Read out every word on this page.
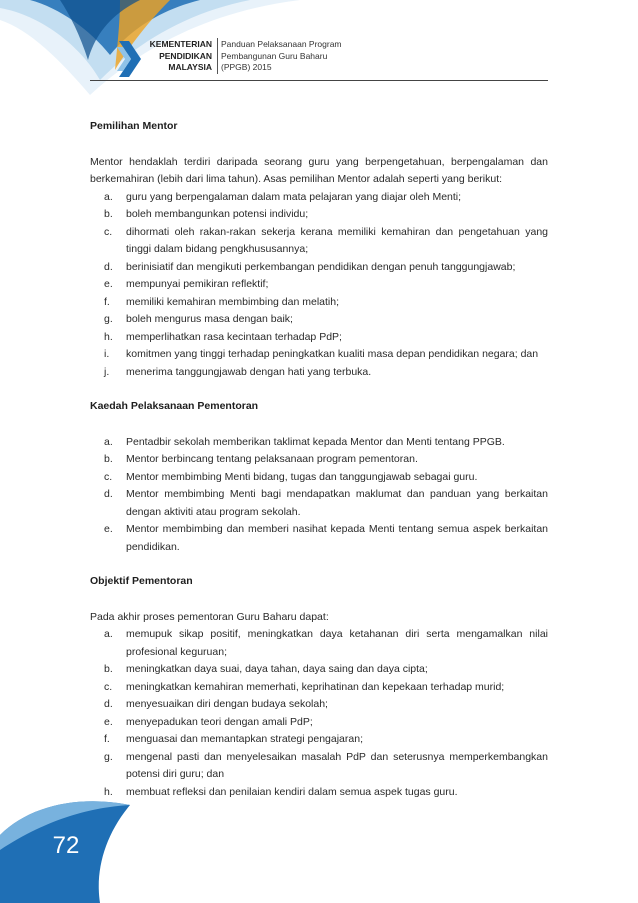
KEMENTERIAN
PENDIDIKAN
MALAYSIA
Panduan Pelaksanaan Program
Pembangunan Guru Baharu
(PPGB) 2015

Pemilihan Mentor

Mentor hendaklah terdiri daripada seorang guru yang berpengetahuan, berpengalaman dan berkemahiran (lebih dari lima tahun). Asas pemilihan Mentor adalah seperti yang berikut:

a. guru yang berpengalaman dalam mata pelajaran yang diajar oleh Menti;
b. boleh membangunkan potensi individu;
c. dihormati oleh rakan-rakan sekerja kerana memiliki kemahiran dan pengetahuan yang tinggi dalam bidang pengkhususannya;
d. berinisiatif dan mengikuti perkembangan pendidikan dengan penuh tanggungjawab;
e. mempunyai pemikiran reflektif;
f. memiliki kemahiran membimbing dan melatih;
g. boleh mengurus masa dengan baik;
h. memperlihatkan rasa kecintaan terhadap PdP;
i. komitmen yang tinggi terhadap peningkatkan kualiti masa depan pendidikan negara; dan
j. menerima tanggungjawab dengan hati yang terbuka.

Kaedah Pelaksanaan Pementoran

a. Pentadbir sekolah memberikan taklimat kepada Mentor dan Menti tentang PPGB.
b. Mentor berbincang tentang pelaksanaan program pementoran.
c. Mentor membimbing Menti bidang, tugas dan tanggungjawab sebagai guru.
d. Mentor membimbing Menti bagi mendapatkan maklumat dan panduan yang berkaitan dengan aktiviti atau program sekolah.
e. Mentor membimbing dan memberi nasihat kepada Menti tentang semua aspek berkaitan pendidikan.

Objektif Pementoran

Pada akhir proses pementoran Guru Baharu dapat:

a. memupuk sikap positif, meningkatkan daya ketahanan diri serta mengamalkan nilai profesional keguruan;
b. meningkatkan daya suai, daya tahan, daya saing dan daya cipta;
c. meningkatkan kemahiran memerhati, keprihatinan dan kepekaan terhadap murid;
d. menyesuaikan diri dengan budaya sekolah;
e. menyepadukan teori dengan amali PdP;
f. menguasai dan memantapkan strategi pengajaran;
g. mengenal pasti dan menyelesaikan masalah PdP dan seterusnya memperkembangkan potensi diri guru; dan
h. membuat refleksi dan penilaian kendiri dalam semua aspek tugas guru.
72
